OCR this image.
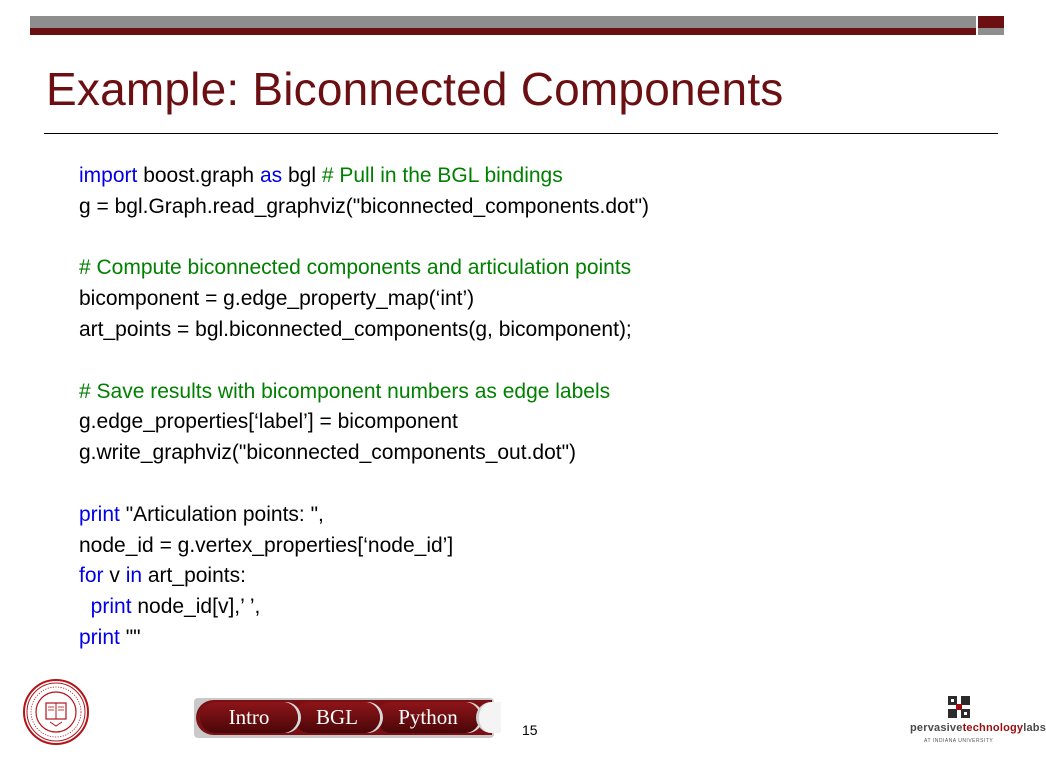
Example: Biconnected Components
import boost.graph as bgl # Pull in the BGL bindings
g = bgl.Graph.read_graphviz("biconnected_components.dot")
# Compute biconnected components and articulation points
bicomponent = g.edge_property_map(‘int’)
art_points = bgl.biconnected_components(g, bicomponent);
# Save results with bicomponent numbers as edge labels
g.edge_properties[‘label’] = bicomponent
g.write_graphviz("biconnected_components_out.dot")
print "Articulation points: ",
node_id = g.vertex_properties[‘node_id’]
for v in art_points:
print node_id[v],’ ’,
print ""
Python
BGL
Intro
15	pervasivetechnologylabs
AT INDIANA UNIVERSITY
